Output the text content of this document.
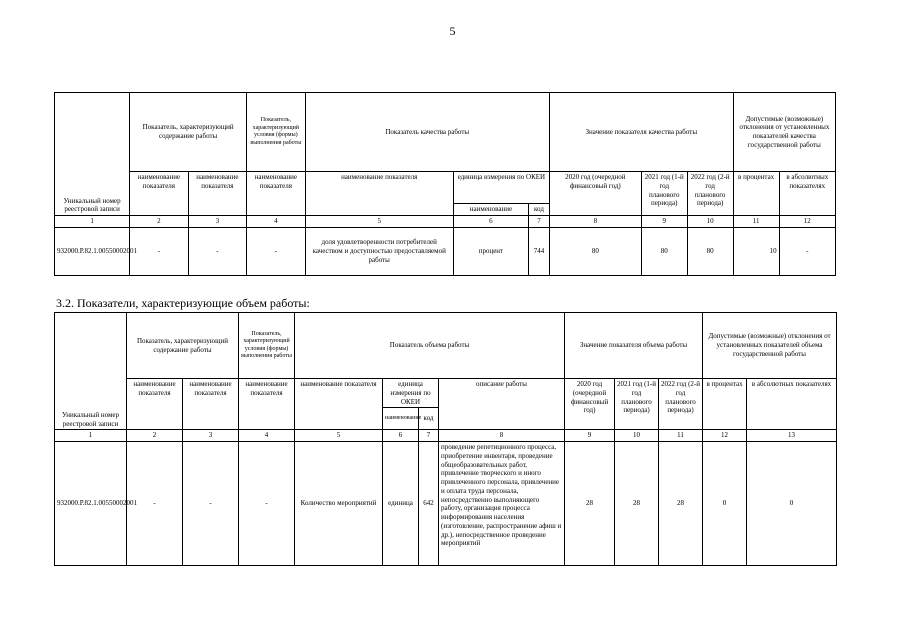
5
Уникальный номер реестровой записи	Показатель, характеризующий содержание работы		Показатель, характеризующий условия (формы) выполнения работы	Показатель качества работы			Значение показателя качества работы			Допустимые (возможные) отклонения от установленных показателей качества государственной работы	
	наименование показателя	наименование показателя	наименование показателя	наименование показателя	единица измерения по ОКЕИ		2020 год (очередной финансовый год)	2021 год (1-й год планового периода)	2022 год (2-й год планового периода)	в процентах	в абсолютных показателях
					наименование	код					
1	2	3	4	5	6	7	8	9	10	11	12
932000.Р.82.1.00550002001	-	-	-	доля удовлетворенности потребителей качеством и доступностью предоставляемой работы	процент	744	80	80	80	10	-
3.2. Показатели, характеризующие объем работы:
Уникальный номер реестровой записи	Показатель, характеризующий содержание работы		Показатель, характеризующий условия (формы) выполнения работы	Показатель объема работы				Значение показателя объема работы			Допустимые (возможные) отклонения от установленных показателей объема государственной работы	
	наименование показателя	наименование показателя	наименование показателя	наименование показателя	единица измерения по ОКЕИ		описание работы	2020 год (очередной финансовый год)	2021 год (1-й год планового периода)	2022 год (2-й год планового периода)	в процентах	в абсолютных показателях
					наименование	код						
1	2	3	4	5	6	7	8	9	10	11	12	13
932000.Р.82.1.00550002001	-	-	-	Количество мероприятий	единица	642	проведение репетиционного процесса, приобретение инвентаря, проведение общеобразовательных работ, привлечение творческого и иного привлеченного персонала, привлечение и оплата труда персонала, непосредственно выполняющего работу, организация процесса информирования населения (изготовление, распространение афиш и др.), непосредственное проведение мероприятий	28	28	28	0	0
